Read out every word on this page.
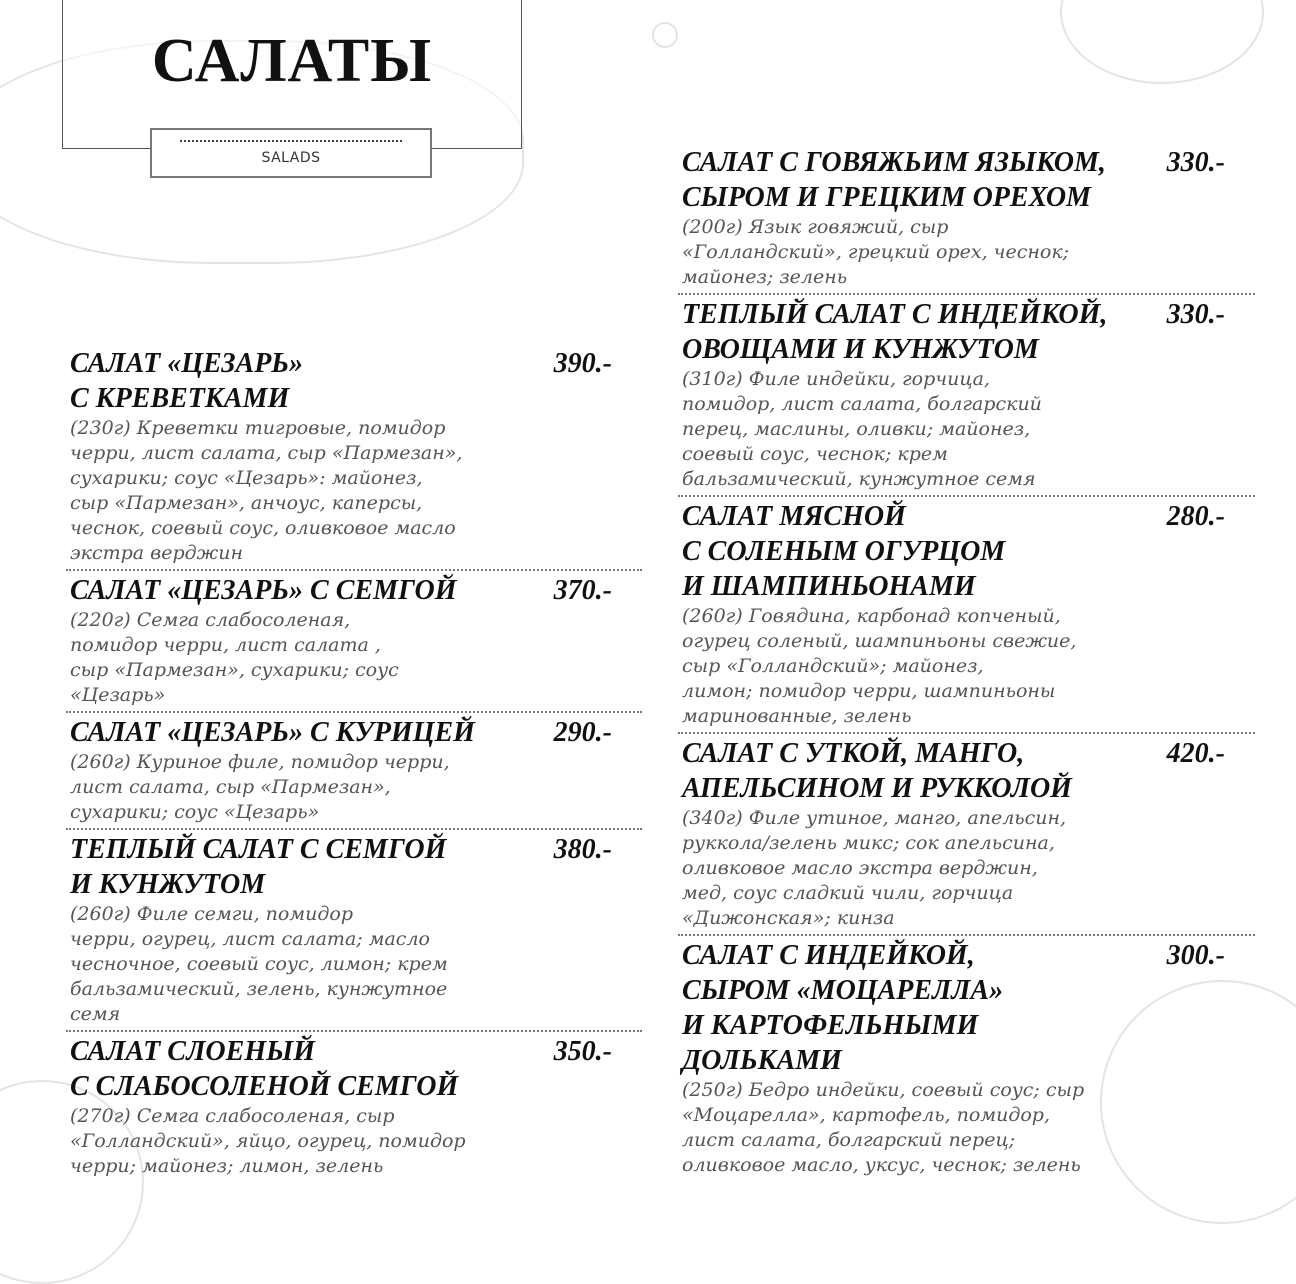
САЛАТЫ
SALADS
САЛАТ «ЦЕЗАРЬ»
С КРЕВЕТКАМИ
390.-
(230г) Креветки тигровые, помидор
черри, лист салата, сыр «Пармезан»,
сухарики; соус «Цезарь»: майонез,
сыр «Пармезан», анчоус, каперсы,
чеснок, соевый соус, оливковое масло
экстра верджин
САЛАТ «ЦЕЗАРЬ» С СЕМГОЙ	370.-
(220г) Семга слабосоленая,
помидор черри, лист салата ,
сыр «Пармезан», сухарики; соус
«Цезарь»
САЛАТ «ЦЕЗАРЬ» С КУРИЦЕЙ	290.-
(260г) Куриное филе, помидор черри,
лист салата, сыр «Пармезан»,
сухарики; соус «Цезарь»
ТЕПЛЫЙ САЛАТ С СЕМГОЙ
И КУНЖУТОМ
380.-
(260г) Филе семги, помидор
черри, огурец, лист салата; масло
чесночное, соевый соус, лимон; крем
бальзамический, зелень, кунжутное
семя
САЛАТ СЛОЕНЫЙ
С СЛАБОСОЛЕНОЙ СЕМГОЙ
350.-
(270г) Семга слабосоленая, сыр
«Голландский», яйцо, огурец, помидор
черри; майонез; лимон, зелень
САЛАТ С ГОВЯЖЬИМ ЯЗЫКОМ,
СЫРОМ И ГРЕЦКИМ ОРЕХОМ
330.-
(200г) Язык говяжий, сыр
«Голландский», грецкий орех, чеснок;
майонез; зелень
ТЕПЛЫЙ САЛАТ С ИНДЕЙКОЙ,
ОВОЩАМИ И КУНЖУТОМ
330.-
(310г) Филе индейки, горчица,
помидор, лист салата, болгарский
перец, маслины, оливки; майонез,
соевый соус, чеснок; крем
бальзамический, кунжутное семя
САЛАТ МЯСНОЙ
С СОЛЕНЫМ ОГУРЦОМ
И ШАМПИНЬОНАМИ
280.-
(260г) Говядина, карбонад копченый,
огурец соленый, шампиньоны свежие,
сыр «Голландский»; майонез,
лимон; помидор черри, шампиньоны
маринованные, зелень
САЛАТ С УТКОЙ, МАНГО,
АПЕЛЬСИНОМ И РУККОЛОЙ
420.-
(340г) Филе утиное, манго, апельсин,
руккола/зелень микс; сок апельсина,
оливковое масло экстра верджин,
мед, соус сладкий чили, горчица
«Дижонская»; кинза
САЛАТ С ИНДЕЙКОЙ,
СЫРОМ «МОЦАРЕЛЛА»
И КАРТОФЕЛЬНЫМИ
ДОЛЬКАМИ
300.-
(250г) Бедро индейки, соевый соус; сыр
«Моцарелла», картофель, помидор,
лист салата, болгарский перец;
оливковое масло, уксус, чеснок; зелень
